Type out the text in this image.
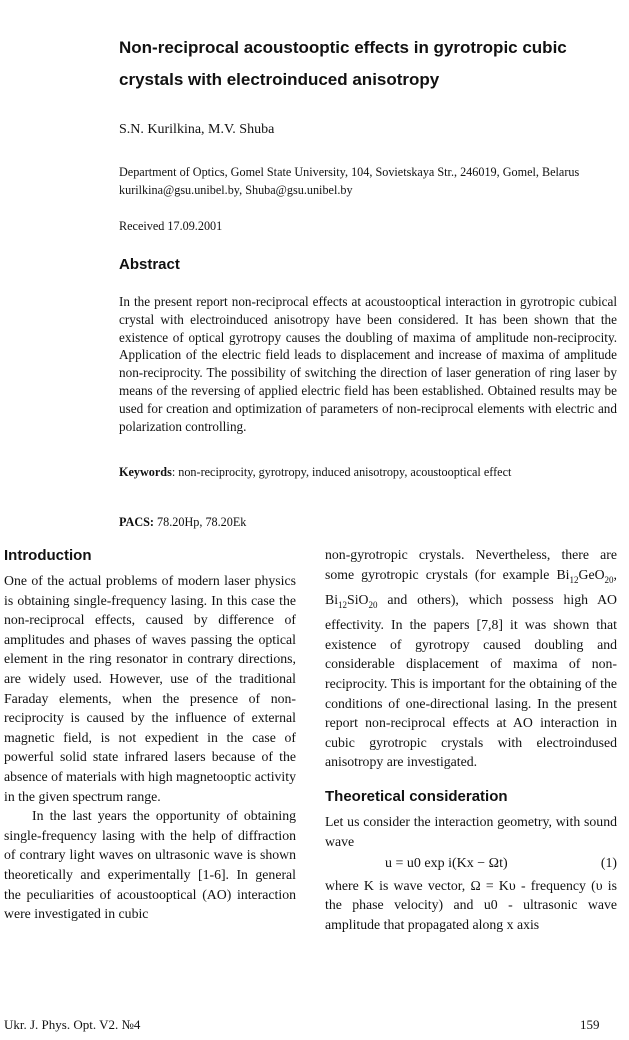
Non-reciprocal acoustooptic effects in gyrotropic cubic crystals with electroinduced anisotropy
S.N. Kurilkina, M.V. Shuba
Department of Optics, Gomel State University, 104, Sovietskaya Str., 246019, Gomel, Belarus kurilkina@gsu.unibel.by, Shuba@gsu.unibel.by
Received 17.09.2001
Abstract
In the present report non-reciprocal effects at acoustooptical interaction in gyrotropic cubical crystal with electroinduced anisotropy have been considered. It has been shown that the existence of optical gyrotropy causes the doubling of maxima of amplitude non-reciprocity. Application of the electric field leads to displacement and increase of maxima of amplitude non-reciprocity. The possibility of switching the direction of laser generation of ring laser by means of the reversing of applied electric field has been established. Obtained results may be used for creation and optimization of parameters of non-reciprocal elements with electric and polarization controlling.
Keywords: non-reciprocity, gyrotropy, induced anisotropy, acoustooptical effect
PACS: 78.20Hp, 78.20Ek
Introduction

One of the actual problems of modern laser physics is obtaining single-frequency lasing. In this case the non-reciprocal effects, caused by difference of amplitudes and phases of waves passing the optical element in the ring resonator in contrary directions, are widely used. However, use of the traditional Faraday elements, when the presence of non-reciprocity is caused by the influence of external magnetic field, is not expedient in the case of powerful solid state infrared lasers because of the absence of materials with high magnetooptic activity in the given spectrum range.

In the last years the opportunity of obtaining single-frequency lasing with the help of diffraction of contrary light waves on ultrasonic wave is shown theoretically and experimentally [1-6]. In general the peculiarities of acoustooptical (AO) interaction were investigated in cubic

non-gyrotropic crystals. Nevertheless, there are some gyrotropic crystals (for example $Bi_{12}GeO_{20}$, $Bi_{12}SiO_{20}$ and others), which possess high AO effectivity. In the papers [7,8] it was shown that existence of gyrotropy caused doubling and considerable displacement of maxima of non-reciprocity. This is important for the obtaining of the conditions of one-directional lasing. In the present report non-reciprocal effects at AO interaction in cubic gyrotropic crystals with electroindused anisotropy are investigated.

Theoretical consideration

Let us consider the interaction geometry, with sound wave

u = u0 exp i(Kx − Ωt)	(1)

where K is wave vector, Ω = Kυ - frequency (υ is the phase velocity) and u0 - ultrasonic wave amplitude that propagated along x axis

Ukr. J. Phys. Opt. V2. №4	159
